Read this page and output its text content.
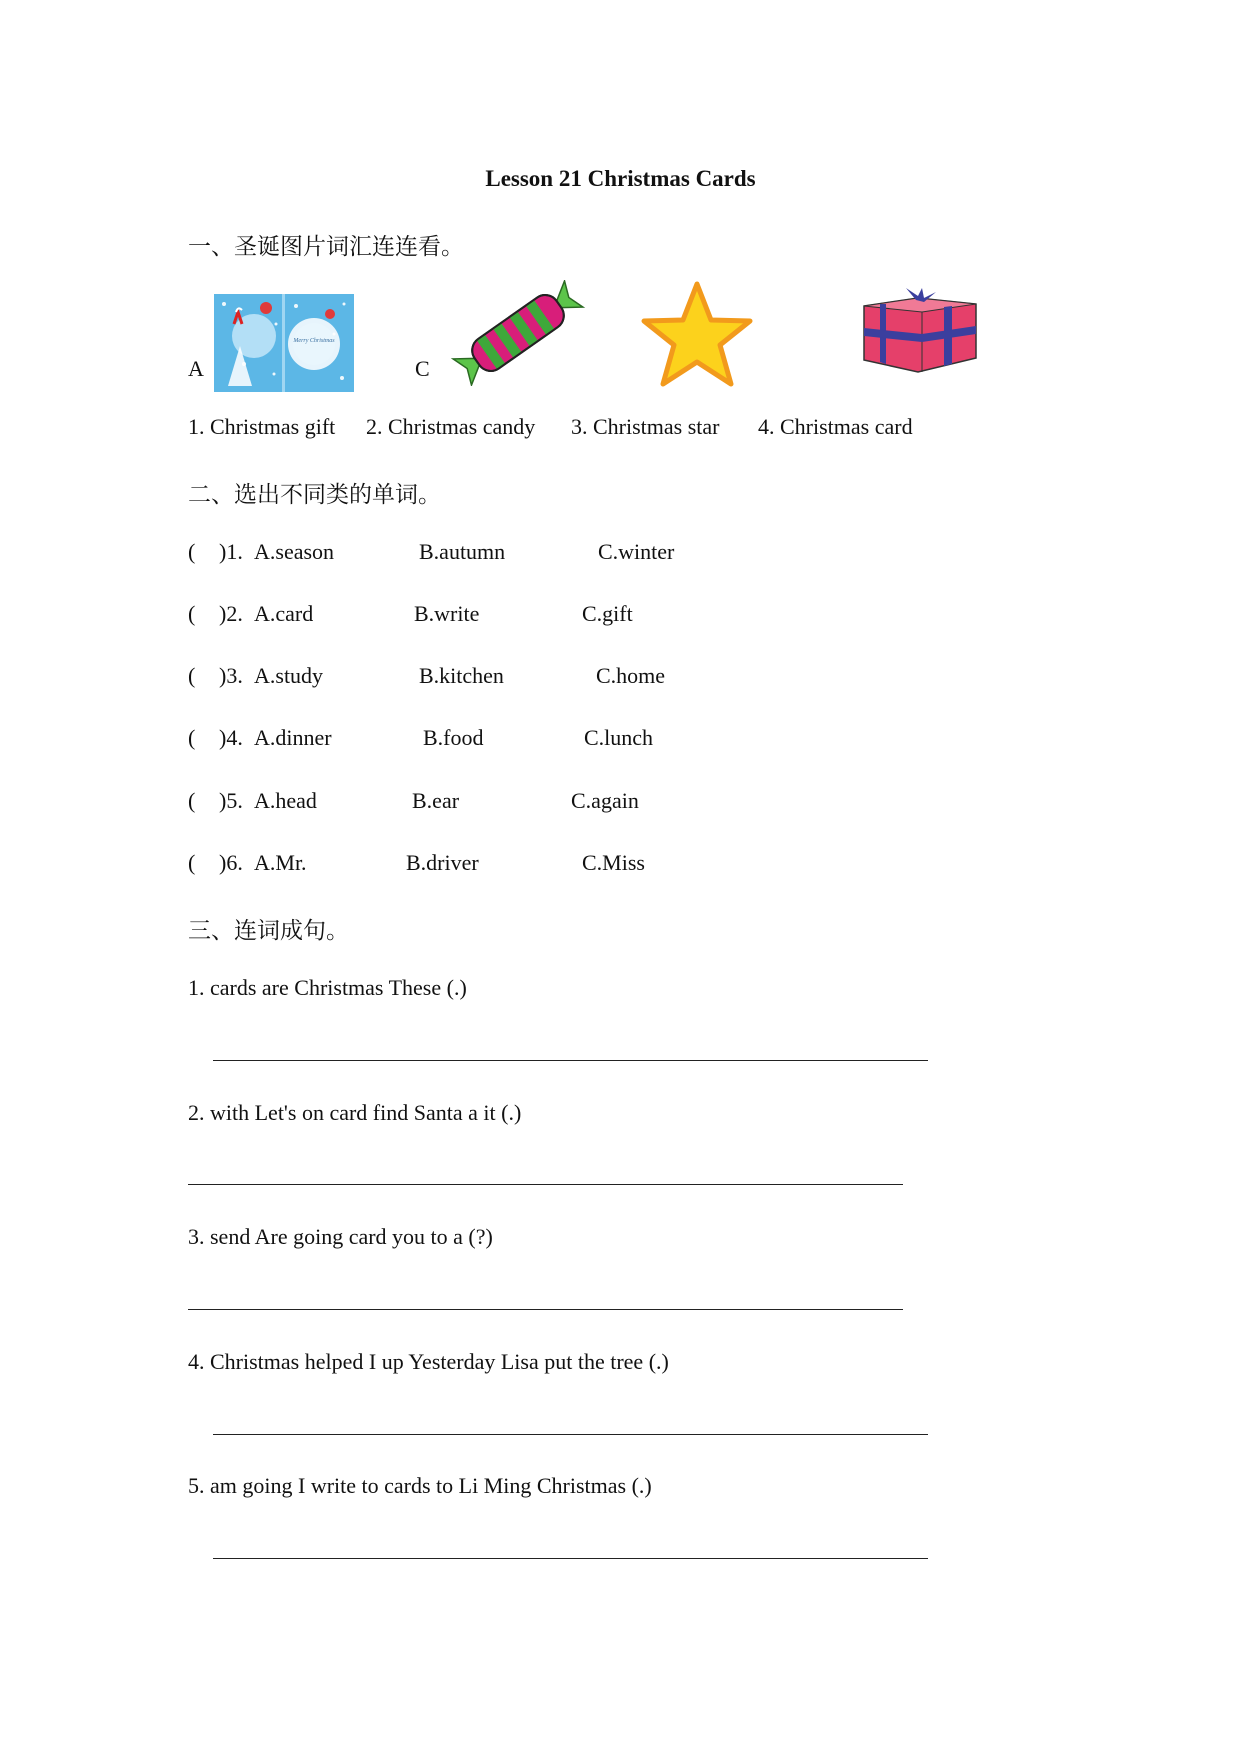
Lesson 21 Christmas Cards
一、圣诞图片词汇连连看。
A	C
Merry Christmas
1. Christmas gift 2. Christmas candy 3. Christmas star 4. Christmas card
二、选出不同类的单词。
( )1. A.season	B.autumn	C.winter
( )2. A.card	B.write	C.gift
( )3. A.study	B.kitchen	C.home
( )4. A.dinner	B.food	C.lunch
( )5. A.head	B.ear	C.again
( )6. A.Mr.	B.driver	C.Miss
三、连词成句。
1. cards are Christmas These (.)
2. with Let's on card find Santa a it (.)
3. send Are going card you to a (?)
4. Christmas helped I up Yesterday Lisa put the tree (.)
5. am going I write to cards to Li Ming Christmas (.)
